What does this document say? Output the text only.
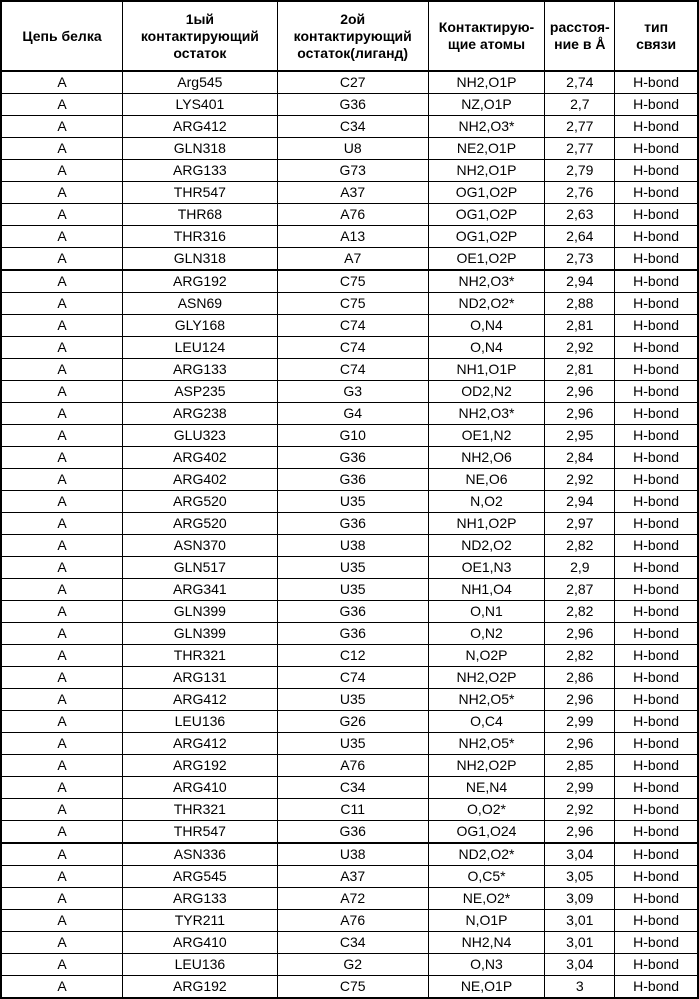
Цепь белка	1ый контактирующий остаток	2ой контактирующий остаток(лиганд)	Контактирую-щие атомы	расстоя-ние в Å	тип связи

A	Arg545	C27	NH2,O1P	2,74	H-bond
A	LYS401	G36	NZ,O1P	2,7	H-bond
A	ARG412	C34	NH2,O3*	2,77	H-bond
A	GLN318	U8	NE2,O1P	2,77	H-bond
A	ARG133	G73	NH2,O1P	2,79	H-bond
A	THR547	A37	OG1,O2P	2,76	H-bond
A	THR68	A76	OG1,O2P	2,63	H-bond
A	THR316	A13	OG1,O2P	2,64	H-bond
A	GLN318	A7	OE1,O2P	2,73	H-bond
A	ARG192	C75	NH2,O3*	2,94	H-bond
A	ASN69	C75	ND2,O2*	2,88	H-bond
A	GLY168	C74	O,N4	2,81	H-bond
A	LEU124	C74	O,N4	2,92	H-bond
A	ARG133	C74	NH1,O1P	2,81	H-bond
A	ASP235	G3	OD2,N2	2,96	H-bond
A	ARG238	G4	NH2,O3*	2,96	H-bond
A	GLU323	G10	OE1,N2	2,95	H-bond
A	ARG402	G36	NH2,O6	2,84	H-bond
A	ARG402	G36	NE,O6	2,92	H-bond
A	ARG520	U35	N,O2	2,94	H-bond
A	ARG520	G36	NH1,O2P	2,97	H-bond
A	ASN370	U38	ND2,O2	2,82	H-bond
A	GLN517	U35	OE1,N3	2,9	H-bond
A	ARG341	U35	NH1,O4	2,87	H-bond
A	GLN399	G36	O,N1	2,82	H-bond
A	GLN399	G36	O,N2	2,96	H-bond
A	THR321	C12	N,O2P	2,82	H-bond
A	ARG131	C74	NH2,O2P	2,86	H-bond
A	ARG412	U35	NH2,O5*	2,96	H-bond
A	LEU136	G26	O,C4	2,99	H-bond
A	ARG412	U35	NH2,O5*	2,96	H-bond
A	ARG192	A76	NH2,O2P	2,85	H-bond
A	ARG410	C34	NE,N4	2,99	H-bond
A	THR321	C11	O,O2*	2,92	H-bond
A	THR547	G36	OG1,O24	2,96	H-bond
A	ASN336	U38	ND2,O2*	3,04	H-bond
A	ARG545	A37	O,C5*	3,05	H-bond
A	ARG133	A72	NE,O2*	3,09	H-bond
A	TYR211	A76	N,O1P	3,01	H-bond
A	ARG410	C34	NH2,N4	3,01	H-bond
A	LEU136	G2	O,N3	3,04	H-bond
A	ARG192	C75	NE,O1P	3	H-bond
